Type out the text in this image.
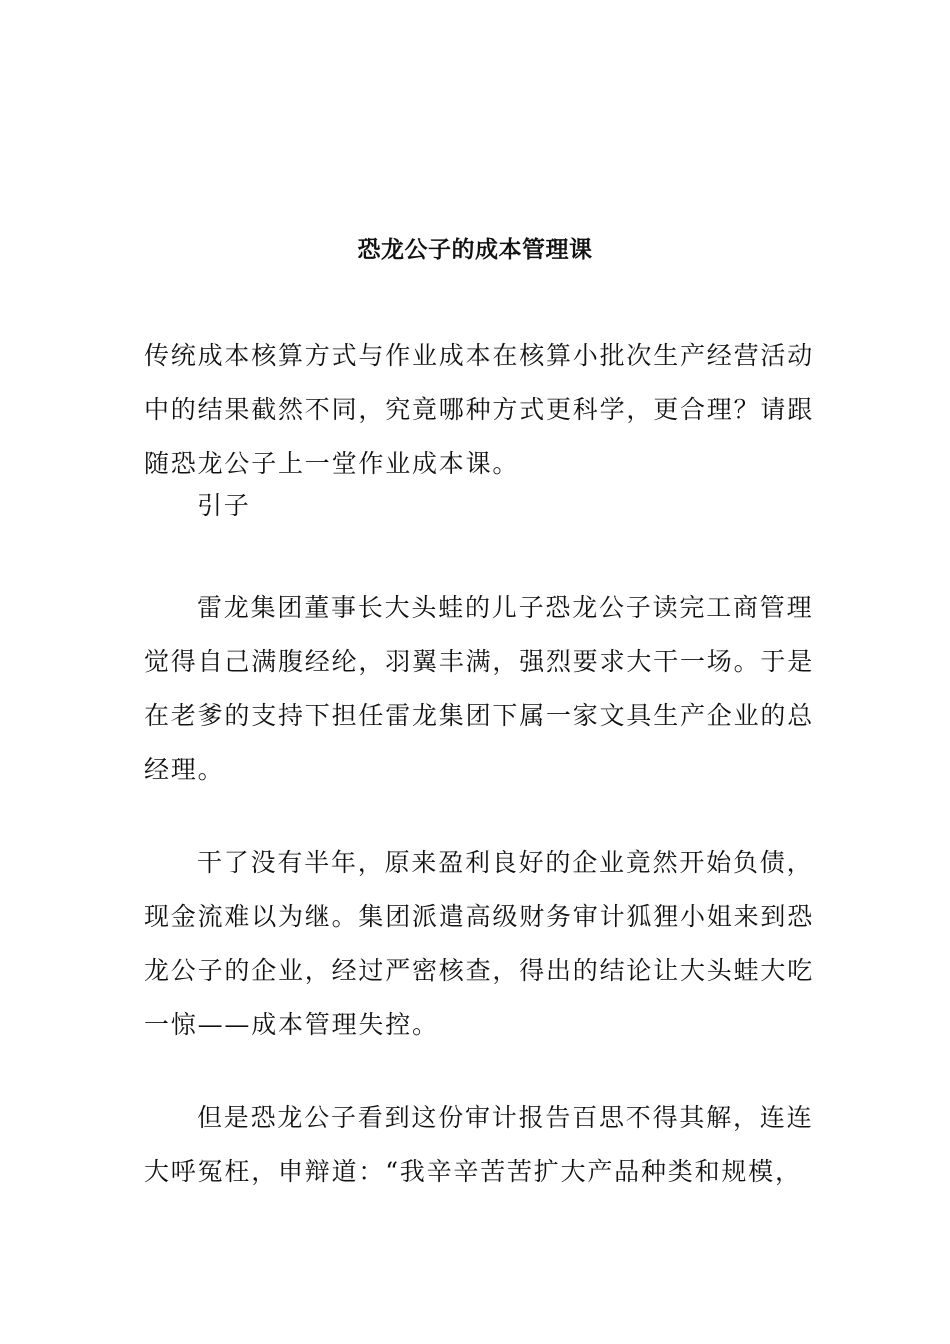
恐龙公子的成本管理课

传统成本核算方式与作业成本在核算小批次生产经营活动
中的结果截然不同，究竟哪种方式更科学，更合理？请跟
随恐龙公子上一堂作业成本课。

引子

雷龙集团董事长大头蛙的儿子恐龙公子读完工商管理
觉得自己满腹经纶，羽翼丰满，强烈要求大干一场。于是
在老爹的支持下担任雷龙集团下属一家文具生产企业的总
经理。

干了没有半年，原来盈利良好的企业竟然开始负债，
现金流难以为继。集团派遣高级财务审计狐狸小姐来到恐
龙公子的企业，经过严密核查，得出的结论让大头蛙大吃
一惊——成本管理失控。

但是恐龙公子看到这份审计报告百思不得其解，连连
大呼冤枉，申辩道：“我辛辛苦苦扩大产品种类和规模，
